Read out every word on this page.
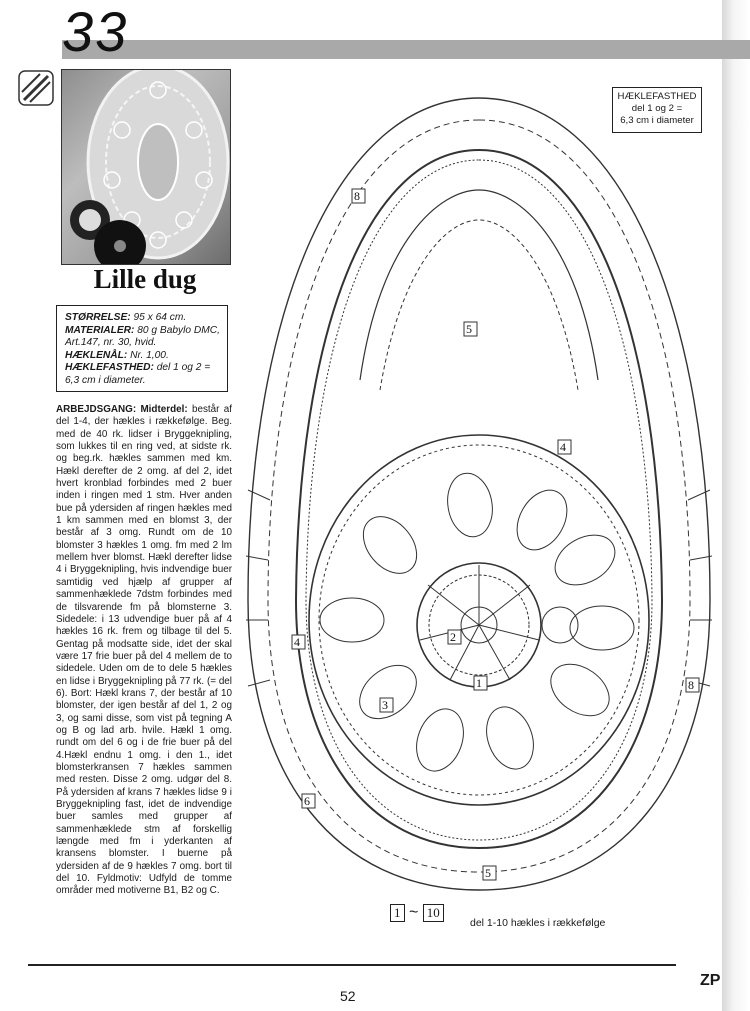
33
Lille dug
STØRRELSE: 95 x 64 cm.
MATERIALER: 80 g Babylo DMC, Art.147, nr. 30, hvid.
HÆKLENÅL: Nr. 1,00.
HÆKLEFASTHED: del 1 og 2 = 6,3 cm i diameter.

ARBEJDSGANG: Midterdel: består af del 1-4, der hækles i rækkefølge. Beg. med de 40 rk. lidser i Bryggeknipling, som lukkes til en ring ved, at sidste rk. og beg.rk. hækles sammen med km. Hækl derefter de 2 omg. af del 2, idet hvert kronblad forbindes med 2 buer inden i ringen med 1 stm. Hver anden bue på ydersiden af ringen hækles med 1 km sammen med en blomst 3, der består af 3 omg. Rundt om de 10 blomster 3 hækles 1 omg. fm med 2 lm mellem hver blomst. Hækl derefter lidse 4 i Bryggeknipling, hvis indvendige buer samtidig ved hjælp af grupper af sammenhæklede 7dstm forbindes med de tilsvarende fm på blomsterne 3. Sidedele: i 13 udvendige buer på af 4 hækles 16 rk. frem og tilbage til del 5. Gentag på modsatte side, idet der skal være 17 frie buer på del 4 mellem de to sidedele. Uden om de to dele 5 hækles en lidse i Bryggeknipling på 77 rk. (= del 6). Bort: Hækl krans 7, der består af 10 blomster, der igen består af del 1, 2 og 3, og sami disse, som vist på tegning A og B og lad arb. hvile. Hækl 1 omg. rundt om del 6 og i de frie buer på del 4.Hækl endnu 1 omg. i den 1., idet blomsterkransen 7 hækles sammen med resten. Disse 2 omg. udgør del 8. På ydersiden af krans 7 hækles lidse 9 i Bryggeknipling fast, idet de indvendige buer samles med grupper af sammenhæklede stm af forskellig længde med fm i yderkanten af kransens blomster. I buerne på ydersiden af de 9 hækles 7 omg. bort til del 10. Fyldmotiv: Udfyld de tomme områder med motiverne B1, B2 og C.

HÆKLEFASTHED
del 1 og 2 =
6,3 cm i diameter
8
5
4	2
1
3
4
8
6
5
1 ~ 10
del 1-10 hækles i rækkefølge
52
ZP
